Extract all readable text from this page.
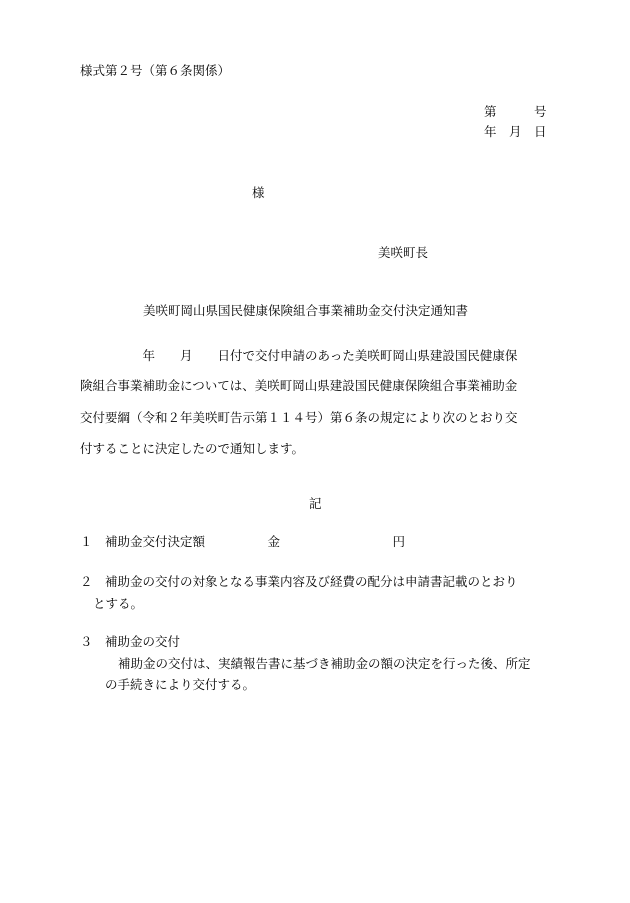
様式第２号（第６条関係）
第　　　号
年　月　日
様
美咲町長
美咲町岡山県国民健康保険組合事業補助金交付決定通知書
　　　　　年　　月　　日付で交付申請のあった美咲町岡山県建設国民健康保
険組合事業補助金については、美咲町岡山県建設国民健康保険組合事業補助金
交付要綱（令和２年美咲町告示第１１４号）第６条の規定により次のとおり交
付することに決定したので通知します。
記
１　補助金交付決定額　　　　　金　　　　　　　　　円
２　補助金の交付の対象となる事業内容及び経費の配分は申請書記載のとおり
とする。
３　補助金の交付
補助金の交付は、実績報告書に基づき補助金の額の決定を行った後、所定
の手続きにより交付する。
